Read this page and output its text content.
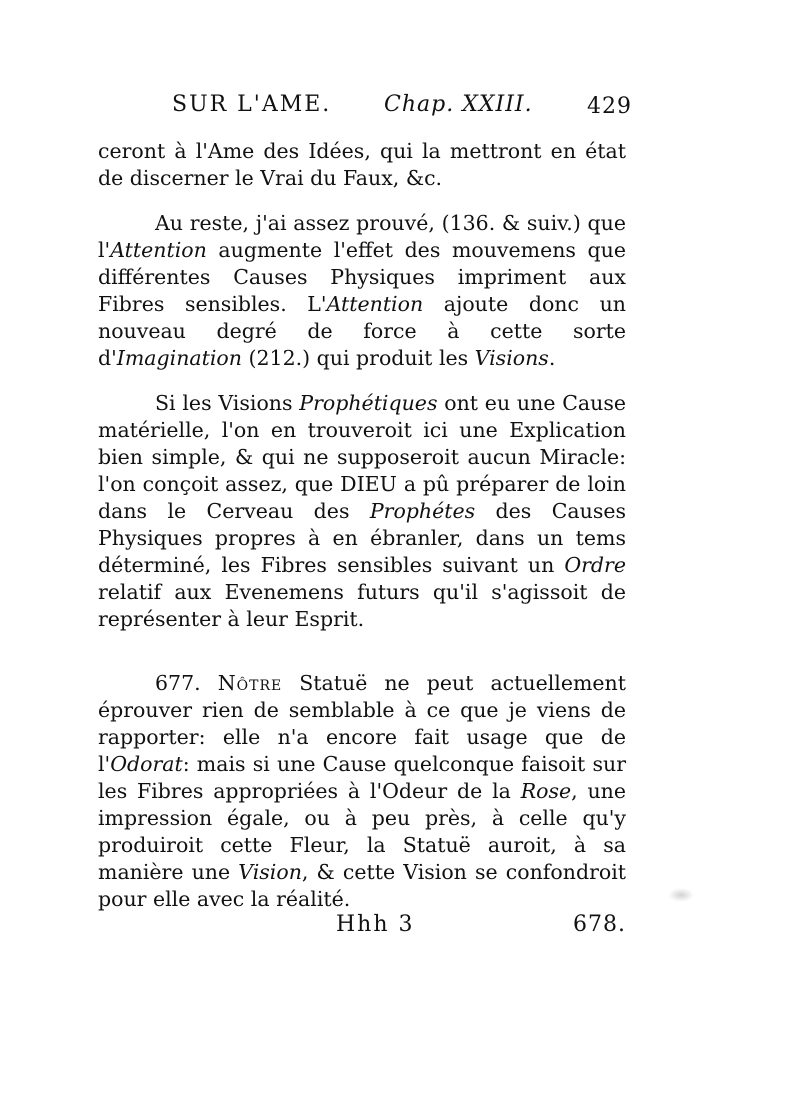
SUR L'AME. Chap. XXIII. 429

ceront à l'Ame des Idées, qui la mettront en état de discerner le Vrai du Faux, &c.

Au reste, j'ai assez prouvé, (136. & suiv.) que l'Attention augmente l'effet des mouvemens que différentes Causes Physiques impriment aux Fibres sensibles. L'Attention ajoute donc un nouveau degré de force à cette sorte d'Imagination (212.) qui produit les Visions.

Si les Visions Prophétiques ont eu une Cause matérielle, l'on en trouveroit ici une Explication bien simple, & qui ne supposeroit aucun Miracle: l'on conçoit assez, que DIEU a pû préparer de loin dans le Cerveau des Prophétes des Causes Physiques propres à en ébranler, dans un tems déterminé, les Fibres sensibles suivant un Ordre relatif aux Evenemens futurs qu'il s'agissoit de représenter à leur Esprit.

677. Nôtre Statuë ne peut actuellement éprouver rien de semblable à ce que je viens de rapporter: elle n'a encore fait usage que de l'Odorat: mais si une Cause quelconque faisoit sur les Fibres appropriées à l'Odeur de la Rose, une impression égale, ou à peu près, à celle qu'y produiroit cette Fleur, la Statuë auroit, à sa manière une Vision, & cette Vision se confondroit pour elle avec la réalité.

Hhh 3	678.
